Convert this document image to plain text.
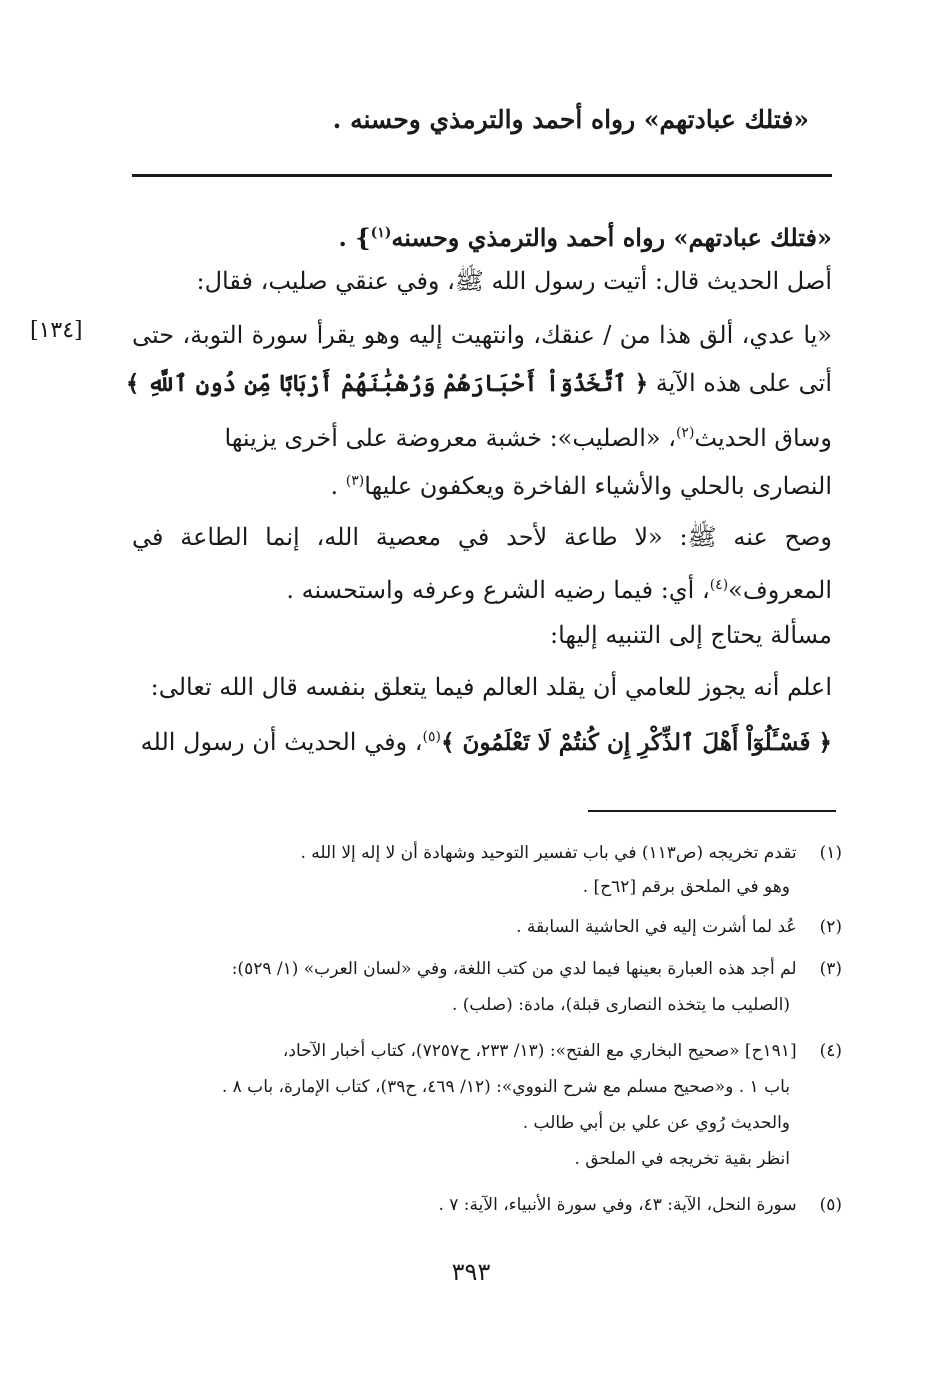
«فتلك عبادتهم» رواه أحمد والترمذي وحسنه .
«فتلك عبادتهم» رواه أحمد والترمذي وحسنه$^{(١)}$} .
أصل الحديث قال: أتيت رسول الله ﷺ، وفي عنقي صليب، فقال:
«يا عدي، ألق هذا من / عنقك، وانتهيت إليه وهو يقرأ سورة التوبة، حتى
[١٣٤]
أتى على هذه الآية ﴿ ٱتَّخَذُوٓاْ أَحْبَارَهُمْ وَرُهْبَٰنَهُمْ أَرْبَابًا مِّن دُونِ ٱللَّهِ ﴾
وساق الحديث$^{(٢)}$، «الصليب»: خشبة معروضة على أخرى يزينها
النصارى بالحلي والأشياء الفاخرة ويعكفون عليها$^{(٣)}$ .
وصح عنه ﷺ: «لا طاعة لأحد في معصية الله، إنما الطاعة في
المعروف»$^{(٤)}$، أي: فيما رضيه الشرع وعرفه واستحسنه .
مسألة يحتاج إلى التنبيه إليها:
اعلم أنه يجوز للعامي أن يقلد العالم فيما يتعلق بنفسه قال الله تعالى:
﴿ فَسْـَٔلُوٓاْ أَهْلَ ٱلذِّكْرِ إِن كُنتُمْ لَا تَعْلَمُونَ ﴾$^{(٥)}$، وفي الحديث أن رسول الله
(١) تقدم تخريجه (ص١١٣) في باب تفسير التوحيد وشهادة أن لا إله إلا الله .
وهو في الملحق برقم [٦٢ح] .
(٢) عُد لما أشرت إليه في الحاشية السابقة .
(٣) لم أجد هذه العبارة بعينها فيما لدي من كتب اللغة، وفي «لسان العرب» (١/ ٥٢٩):
(الصليب ما يتخذه النصارى قبلة)، مادة: (صلب) .
(٤) [١٩١ح] «صحيح البخاري مع الفتح»: (١٣/ ٢٣٣، ح٧٢٥٧)، كتاب أخبار الآحاد،
باب ١ . و«صحيح مسلم مع شرح النووي»: (١٢/ ٤٦٩، ح٣٩)، كتاب الإمارة، باب ٨ .
والحديث رُوي عن علي بن أبي طالب .
انظر بقية تخريجه في الملحق .
(٥) سورة النحل، الآية: ٤٣، وفي سورة الأنبياء، الآية: ٧ .
٣٩٣
